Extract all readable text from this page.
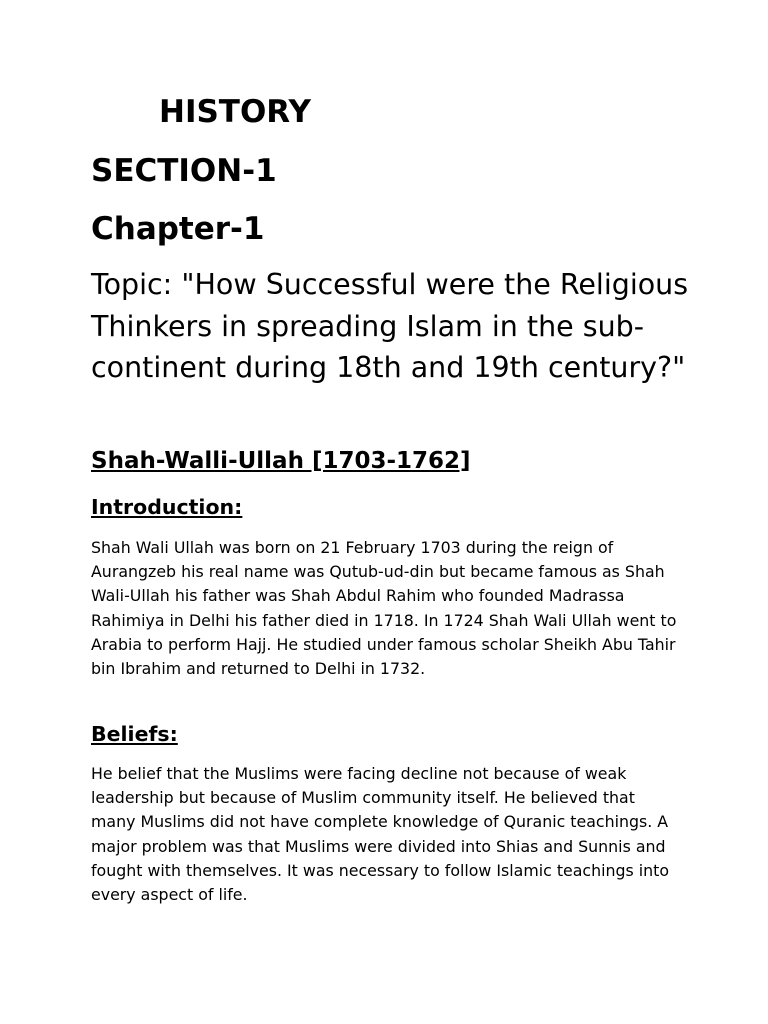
HISTORY
SECTION-1
Chapter-1

Topic: "How Successful were the Religious Thinkers in spreading Islam in the sub-continent during 18th and 19th century?"

Shah-Walli-Ullah [1703-1762]
Introduction:

Shah Wali Ullah was born on 21 February 1703 during the reign of Aurangzeb his real name was Qutub-ud-din but became famous as Shah Wali-Ullah his father was Shah Abdul Rahim who founded Madrassa Rahimiya in Delhi his father died in 1718. In 1724 Shah Wali Ullah went to Arabia to perform Hajj. He studied under famous scholar Sheikh Abu Tahir bin Ibrahim and returned to Delhi in 1732.

Beliefs:

He belief that the Muslims were facing decline not because of weak leadership but because of Muslim community itself. He believed that many Muslims did not have complete knowledge of Quranic teachings. A major problem was that Muslims were divided into Shias and Sunnis and fought with themselves. It was necessary to follow Islamic teachings into every aspect of life.
